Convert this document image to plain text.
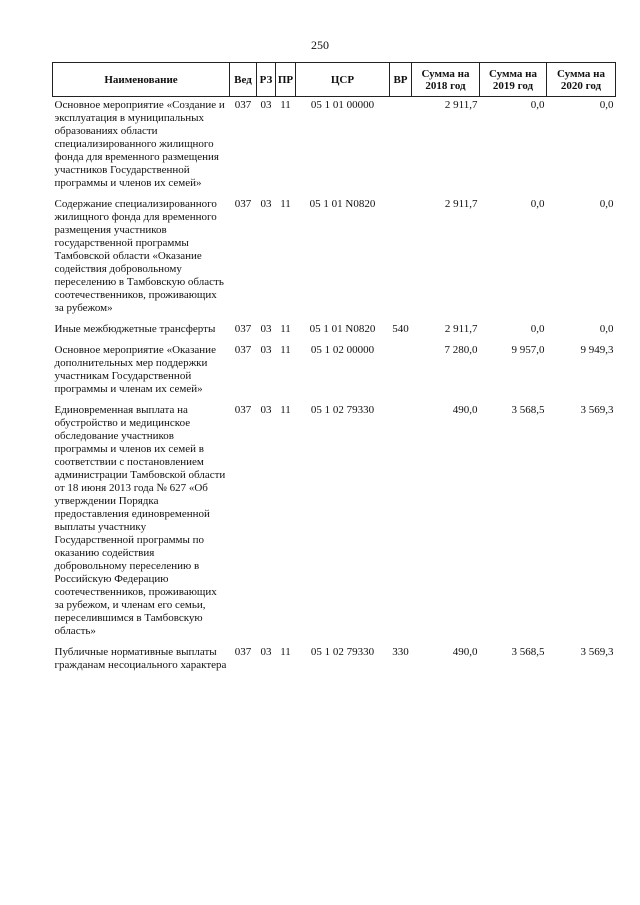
250
Наименование	Вед	РЗ	ПР	ЦСР	ВР	Сумма на 2018 год	Сумма на 2019 год	Сумма на 2020 год
Основное мероприятие «Создание и эксплуатация в муниципальных образованиях области специализированного жилищного фонда для временного размещения участников Государственной программы и членов их семей»	037	03	11	05 1 01 00000		2 911,7	0,0	0,0
Содержание специализированного жилищного фонда для временного размещения участников государственной программы Тамбовской области «Оказание содействия добровольному переселению в Тамбовскую область соотечественников, проживающих за рубежом»	037	03	11	05 1 01 N0820		2 911,7	0,0	0,0
Иные межбюджетные трансферты	037	03	11	05 1 01 N0820	540	2 911,7	0,0	0,0
Основное мероприятие «Оказание дополнительных мер поддержки участникам Государственной программы и членам их семей»	037	03	11	05 1 02 00000		7 280,0	9 957,0	9 949,3
Единовременная выплата на обустройство и медицинское обследование участников программы и членов их семей в соответствии с постановлением администрации Тамбовской области от 18 июня 2013 года № 627 «Об утверждении Порядка предоставления единовременной выплаты участнику Государственной программы по оказанию содействия добровольному переселению в Российскую Федерацию соотечественников, проживающих за рубежом, и членам его семьи, переселившимся в Тамбовскую область»	037	03	11	05 1 02 79330		490,0	3 568,5	3 569,3
Публичные нормативные выплаты гражданам несоциального характера	037	03	11	05 1 02 79330	330	490,0	3 568,5	3 569,3
